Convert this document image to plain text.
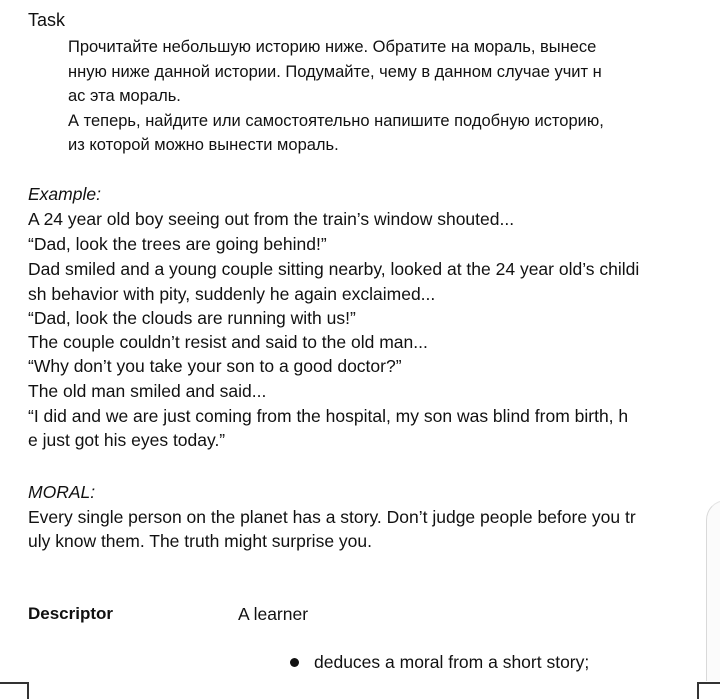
Task
Прочитайте небольшую историю ниже. Обратите на мораль, вынесе
нную ниже данной истории. Подумайте, чему в данном случае учит н
ас эта мораль.
А теперь, найдите или самостоятельно напишите подобную историю,
из которой можно вынести мораль.
Example:
A 24 year old boy seeing out from the train’s window shouted...
“Dad, look the trees are going behind!”
Dad smiled and a young couple sitting nearby, looked at the 24 year old’s childi
sh behavior with pity, suddenly he again exclaimed...
“Dad, look the clouds are running with us!”
The couple couldn’t resist and said to the old man...
“Why don’t you take your son to a good doctor?”
The old man smiled and said...
“I did and we are just coming from the hospital, my son was blind from birth, h
e just got his eyes today.”
MORAL:
Every single person on the planet has a story. Don’t judge people before you tr
uly know them. The truth might surprise you.
Descriptor	A learner
deduces a moral from a short story;
